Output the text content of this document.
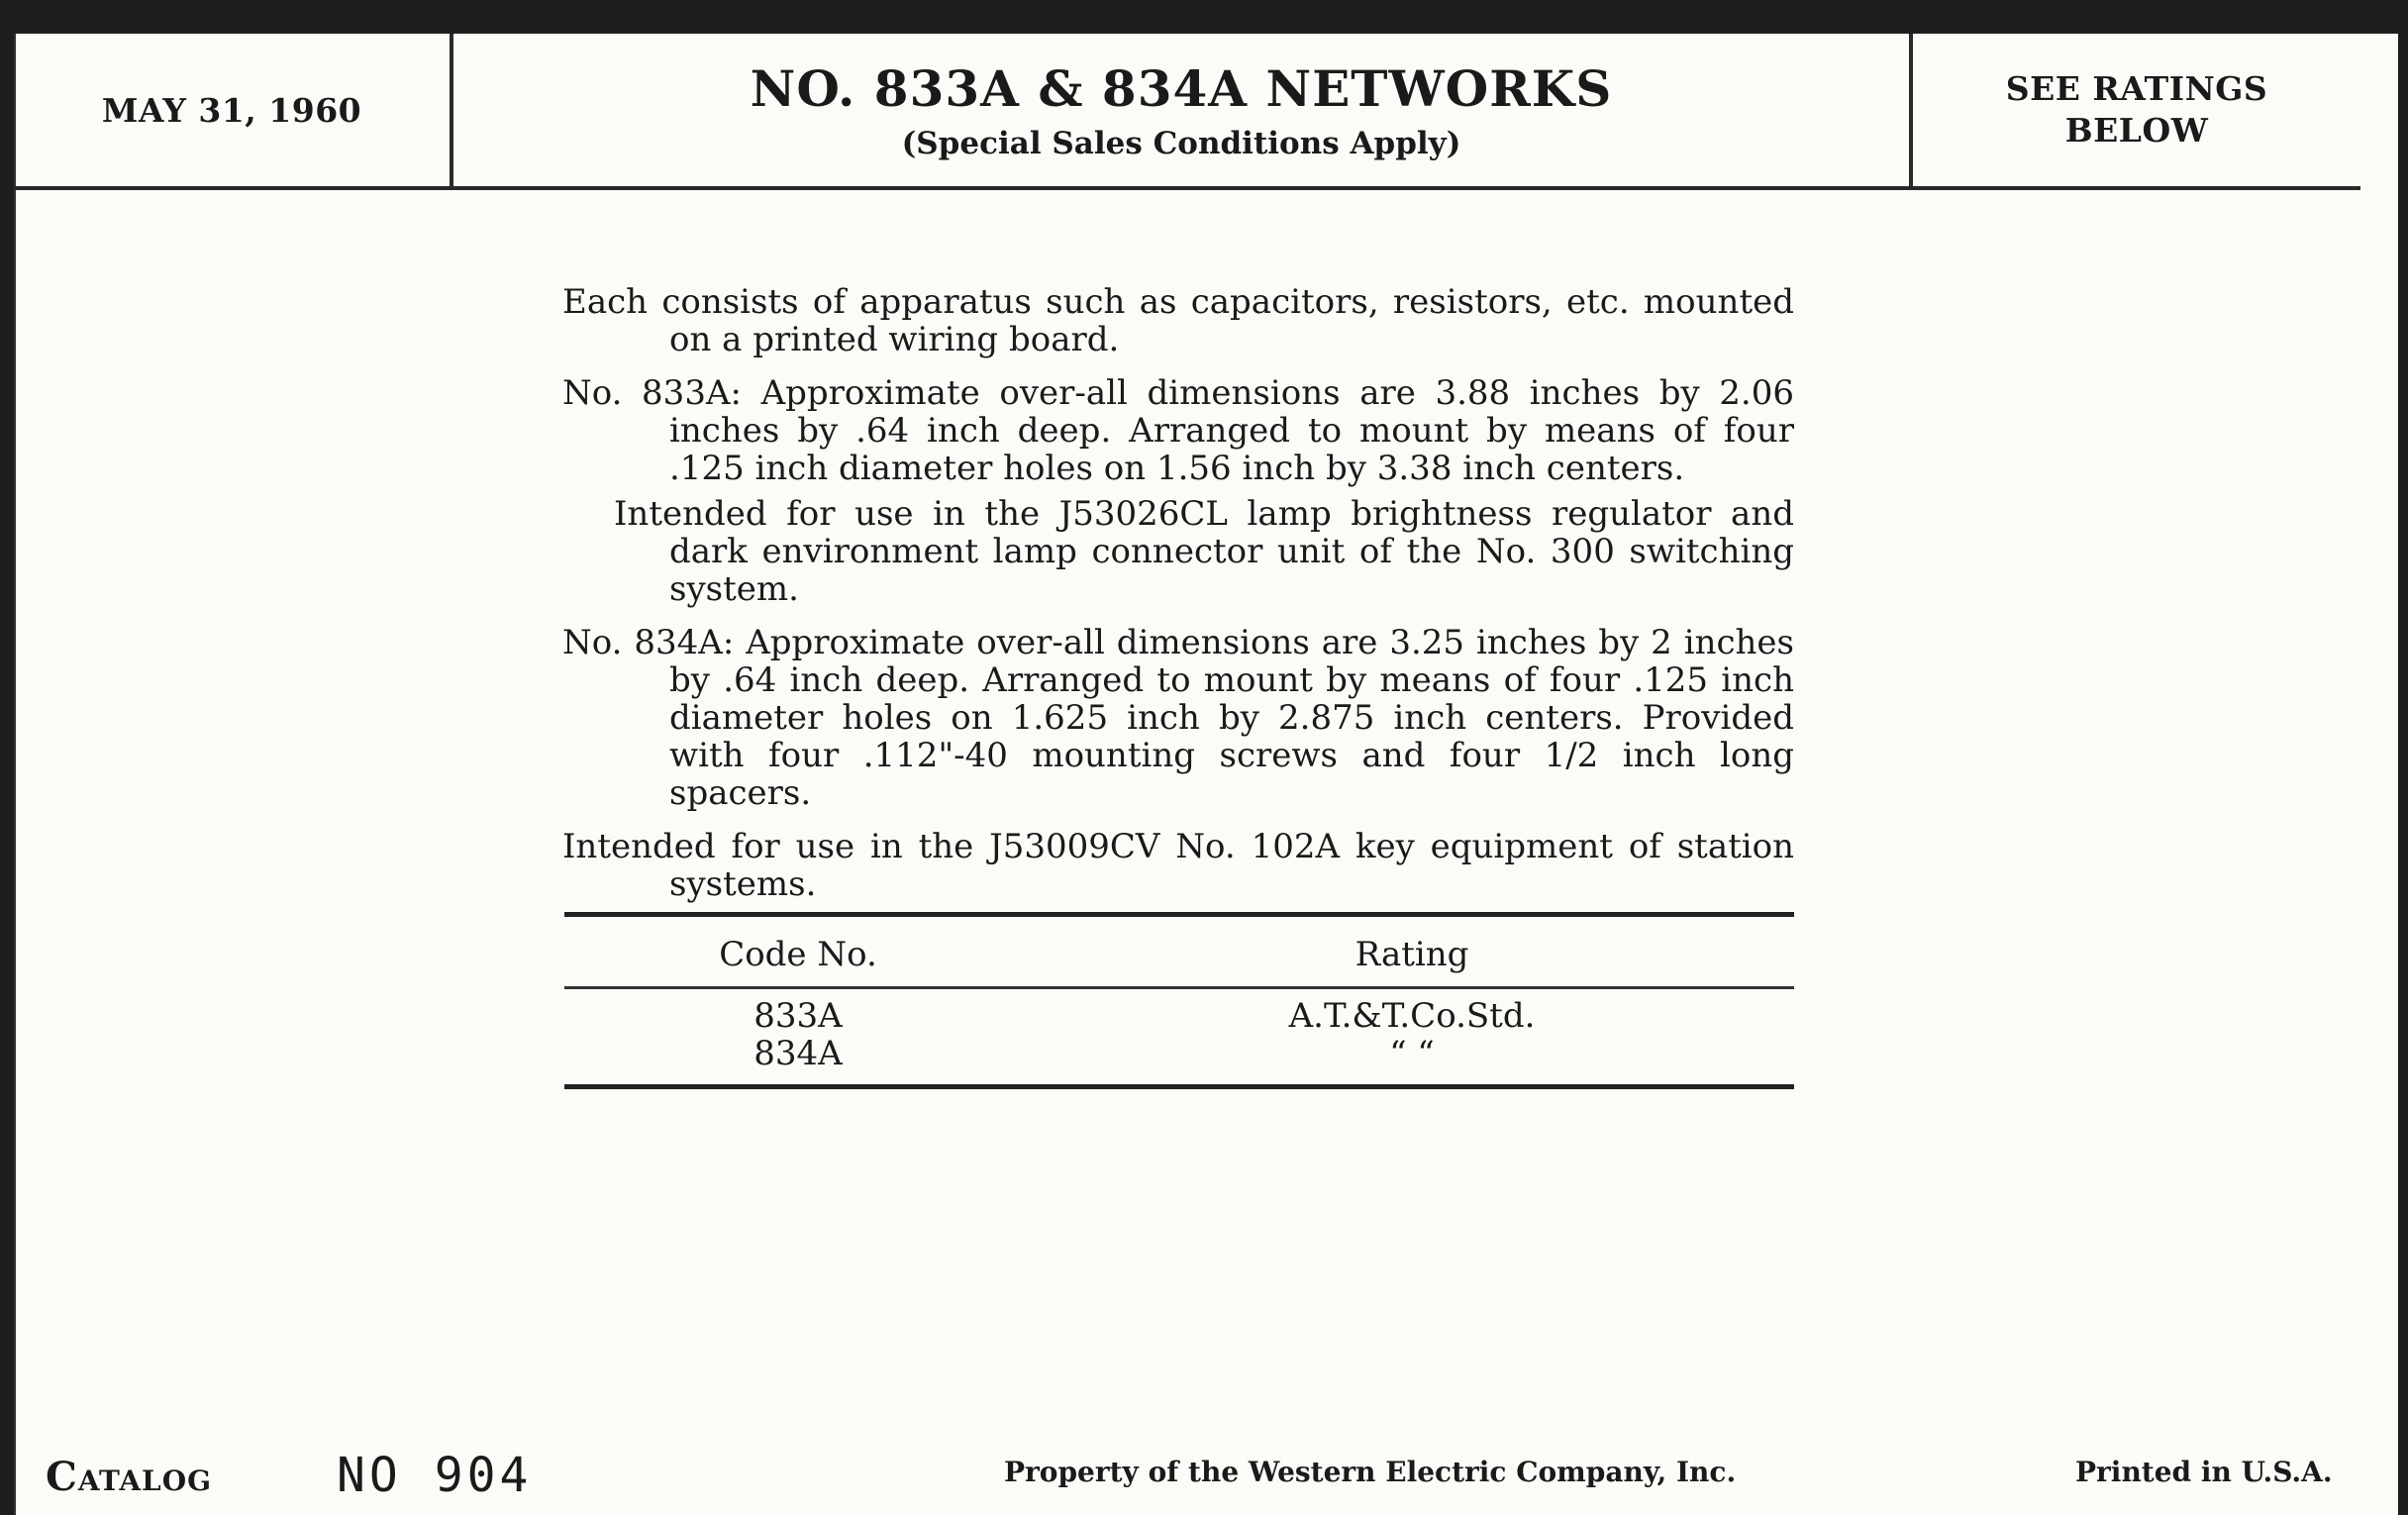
MAY 31, 1960	NO. 833A & 834A NETWORKS
(Special Sales Conditions Apply)
SEE RATINGS
BELOW

Each consists of apparatus such as capacitors, resistors, etc. mounted on a printed wiring board.

No. 833A: Approximate over-all dimensions are 3.88 inches by 2.06 inches by .64 inch deep. Arranged to mount by means of four .125 inch diameter holes on 1.56 inch by 3.38 inch centers.

Intended for use in the J53026CL lamp brightness regulator and dark environment lamp connector unit of the No. 300 switching system.

No. 834A: Approximate over-all dimensions are 3.25 inches by 2 inches by .64 inch deep. Arranged to mount by means of four .125 inch diameter holes on 1.625 inch by 2.875 inch centers. Provided with four .112"-40 mounting screws and four 1/2 inch long spacers.

Intended for use in the J53009CV No. 102A key equipment of station systems.

Code No.	Rating
833A	A.T.&T.Co.Std.
834A	“ “
Catalog	NO 904	Property of the Western Electric Company, Inc.	Printed in U.S.A.
